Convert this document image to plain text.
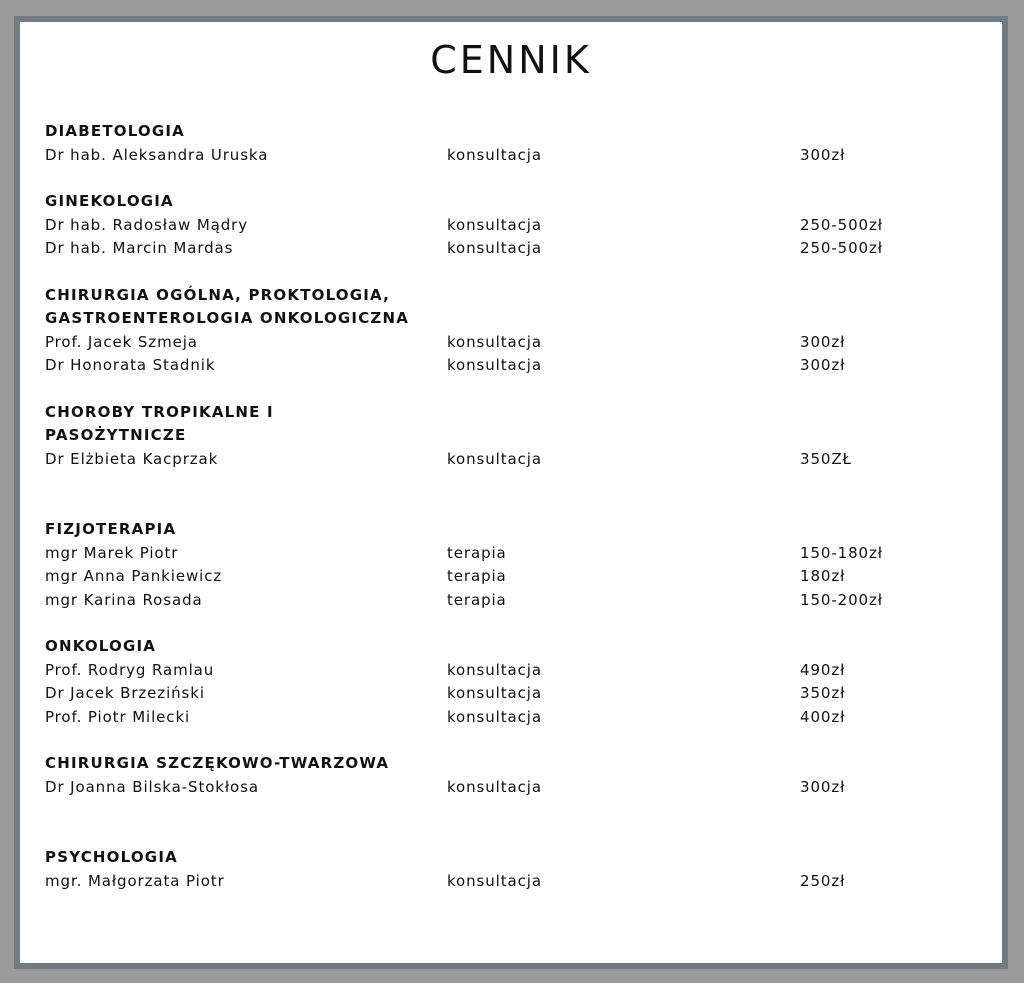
CENNIK
DIABETOLOGIA
Dr hab. Aleksandra Uruska	konsultacja	300zł
GINEKOLOGIA
Dr hab. Radosław Mądry	konsultacja	250-500zł
Dr hab. Marcin Mardas	konsultacja	250-500zł
CHIRURGIA OGÓLNA, PROKTOLOGIA,
GASTROENTEROLOGIA ONKOLOGICZNA
Prof. Jacek Szmeja	konsultacja	300zł
Dr Honorata Stadnik	konsultacja	300zł
CHOROBY TROPIKALNE I
PASOŻYTNICZE
Dr Elżbieta Kacprzak	konsultacja	350ZŁ
FIZJOTERAPIA
mgr Marek Piotr	terapia	150-180zł
mgr Anna Pankiewicz	terapia	180zł
mgr Karina Rosada	terapia	150-200zł
ONKOLOGIA
Prof. Rodryg Ramlau	konsultacja	490zł
Dr Jacek Brzeziński	konsultacja	350zł
Prof. Piotr Milecki	konsultacja	400zł
CHIRURGIA SZCZĘKOWO-TWARZOWA
Dr Joanna Bilska-Stokłosa	konsultacja	300zł
PSYCHOLOGIA
mgr. Małgorzata Piotr	konsultacja	250zł
